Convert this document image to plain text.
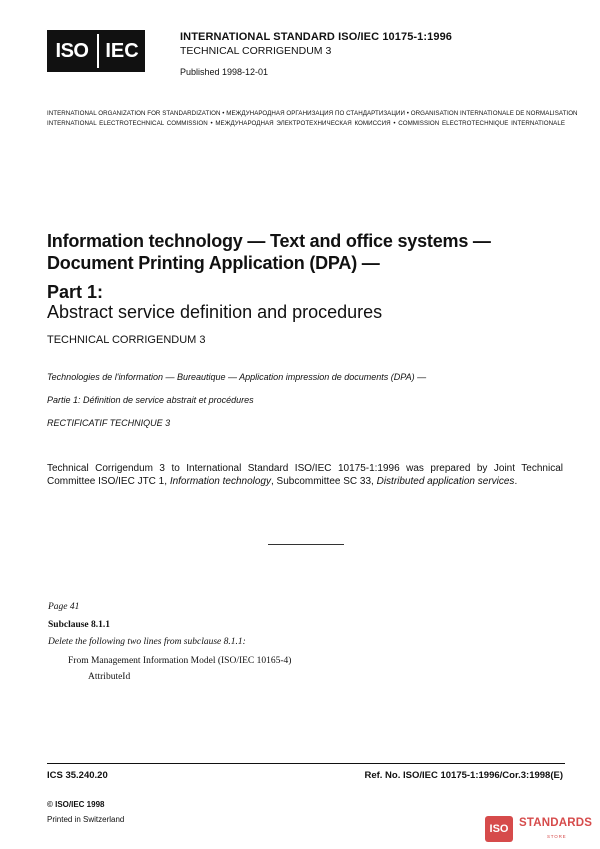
ISO IEC
INTERNATIONAL STANDARD ISO/IEC 10175-1:1996
TECHNICAL CORRIGENDUM 3
Published 1998-12-01
INTERNATIONAL ORGANIZATION FOR STANDARDIZATION • МЕЖДУНАРОДНАЯ ОРГАНИЗАЦИЯ ПО СТАНДАРТИЗАЦИИ • ORGANISATION INTERNATIONALE DE NORMALISATION
INTERNATIONAL ELECTROTECHNICAL COMMISSION • МЕЖДУНАРОДНАЯ ЭЛЕКТРОТЕХНИЧЕСКАЯ КОМИССИЯ • COMMISSION ELECTROTECHNIQUE INTERNATIONALE
Information technology — Text and office systems —
Document Printing Application (DPA) —
Part 1:
Abstract service definition and procedures
TECHNICAL CORRIGENDUM 3
Technologies de l'information — Bureautique — Application impression de documents (DPA) —
Partie 1: Définition de service abstrait et procédures
RECTIFICATIF TECHNIQUE 3
Technical Corrigendum 3 to International Standard ISO/IEC 10175-1:1996 was prepared by Joint Technical Committee ISO/IEC JTC 1, Information technology, Subcommittee SC 33, Distributed application services.
Page 41
Subclause 8.1.1
Delete the following two lines from subclause 8.1.1:
From Management Information Model (ISO/IEC 10165-4)
AttributeId
ICS 35.240.20	Ref. No. ISO/IEC 10175-1:1996/Cor.3:1998(E)
© ISO/IEC 1998
Printed in Switzerland
ISO STANDARDS
STORE
